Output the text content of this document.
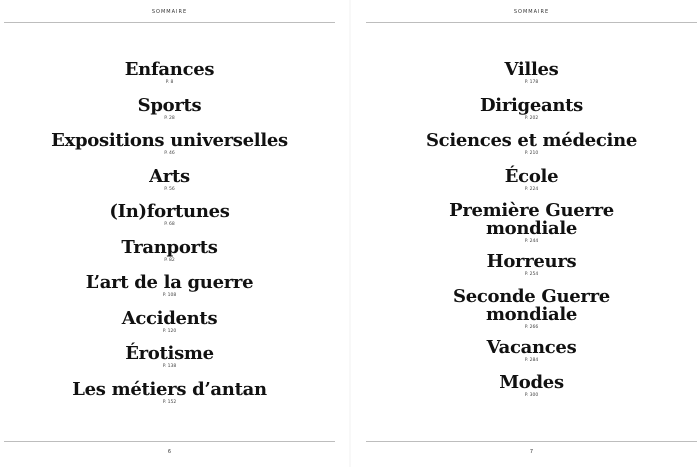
SOMMAIRE
Enfances
P. 8
Sports
P. 28
Expositions universelles
P. 46
Arts
P. 56
(In)fortunes
P. 68
Tranports
P. 82
L’art de la guerre
P. 108
Accidents
P. 120
Érotisme
P. 138
Les métiers d’antan
P. 152
6
SOMMAIRE
Villes
P. 178
Dirigeants
P. 202
Sciences et médecine
P. 210
École
P. 224
Première Guerre mondiale
P. 244
Horreurs
P. 254
Seconde Guerre mondiale
P. 266
Vacances
P. 284
Modes
P. 300
7
